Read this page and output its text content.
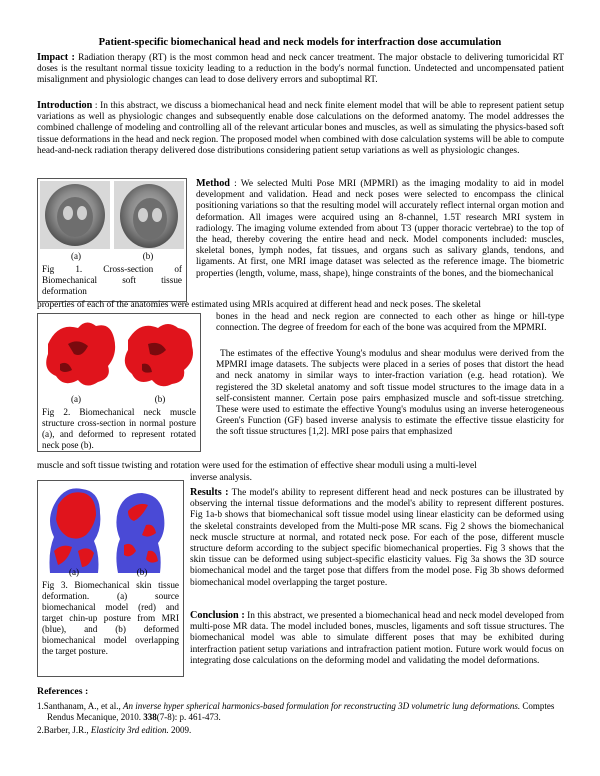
Patient-specific biomechanical head and neck models for interfraction dose accumulation
Impact : Radiation therapy (RT) is the most common head and neck cancer treatment. The major obstacle to delivering tumoricidal RT doses is the resultant normal tissue toxicity leading to a reduction in the body's normal function. Undetected and uncompensated patient misalignment and physiologic changes can lead to dose delivery errors and suboptimal RT.
Introduction : In this abstract, we discuss a biomechanical head and neck finite element model that will be able to represent patient setup variations as well as physiologic changes and subsequently enable dose calculations on the deformed anatomy. The model addresses the combined challenge of modeling and controlling all of the relevant articular bones and muscles, as well as simulating the physics-based soft tissue deformations in the head and neck region. The proposed model when combined with dose calculation systems will be able to compute head-and-neck radiation therapy delivered dose distributions considering patient setup variations as well as physiologic changes.
(a)	(b)
Fig 1. Cross-section of Biomechanical soft tissue deformation
Method : We selected Multi Pose MRI (MPMRI) as the imaging modality to aid in model development and validation. Head and neck poses were selected to encompass the clinical positioning variations so that the resulting model will accurately reflect internal organ motion and deformation. All images were acquired using an 8-channel, 1.5T research MRI system in radiology. The imaging volume extended from about T3 (upper thoracic vertebrae) to the top of the head, thereby covering the entire head and neck. Model components included: muscles, skeletal bones, lymph nodes, fat tissues, and organs such as salivary glands, tendons, and ligaments. At first, one MRI image dataset was selected as the reference image. The biometric properties (length, volume, mass, shape), hinge constraints of the bones, and the biomechanical
properties of each of the anatomies were estimated using MRIs acquired at different head and neck poses. The skeletal
(a)	(b)
Fig 2. Biomechanical neck muscle structure cross-section in normal posture (a), and deformed to represent rotated neck pose (b).
bones in the head and neck region are connected to each other as hinge or hill-type connection. The degree of freedom for each of the bone was acquired from the MPMRI.
The estimates of the effective Young's modulus and shear modulus were derived from the MPMRI image datasets. The subjects were placed in a series of poses that distort the head and neck anatomy in similar ways to inter-fraction variation (e.g. head rotation). We registered the 3D skeletal anatomy and soft tissue model structures to the image data in a self-consistent manner. Certain pose pairs emphasized muscle and soft-tissue stretching. These were used to estimate the effective Young's modulus using an inverse heterogeneous Green's Function (GF) based inverse analysis to estimate the effective tissue elasticity for the soft tissue structures [1,2]. MRI pose pairs that emphasized
muscle and soft tissue twisting and rotation were used for the estimation of effective shear moduli using a multi-level
inverse analysis.
(a)	(b)
Fig 3. Biomechanical skin tissue deformation. (a) source biomechanical model (red) and target chin-up posture from MRI (blue), and (b) deformed biomechanical model overlapping the target posture.
Results : The model's ability to represent different head and neck postures can be illustrated by observing the internal tissue deformations and the model's ability to represent different postures. Fig 1a-b shows that biomechanical soft tissue model using linear elasticity can be deformed using the skeletal constraints developed from the Multi-pose MR scans. Fig 2 shows the biomechanical neck muscle structure at normal, and rotated neck pose. For each of the pose, different muscle structure deform according to the subject specific biomechanical properties. Fig 3 shows that the skin tissue can be deformed using subject-specific elasticity values. Fig 3a shows the 3D source biomechanical model and the target pose that differs from the model pose. Fig 3b shows deformed biomechanical model overlapping the target posture.
Conclusion : In this abstract, we presented a biomechanical head and neck model developed from multi-pose MR data. The model included bones, muscles, ligaments and soft tissue structures. The biomechanical model was able to simulate different poses that may be exhibited during interfraction patient setup variations and intrafraction patient motion. Future work would focus on integrating dose calculations on the deforming model and validating the model deformations.
References :
1.Santhanam, A., et al., An inverse hyper spherical harmonics-based formulation for reconstructing 3D volumetric lung deformations. Comptes Rendus Mecanique, 2010. 338(7-8): p. 461-473.
2.Barber, J.R., Elasticity 3rd edition. 2009.
